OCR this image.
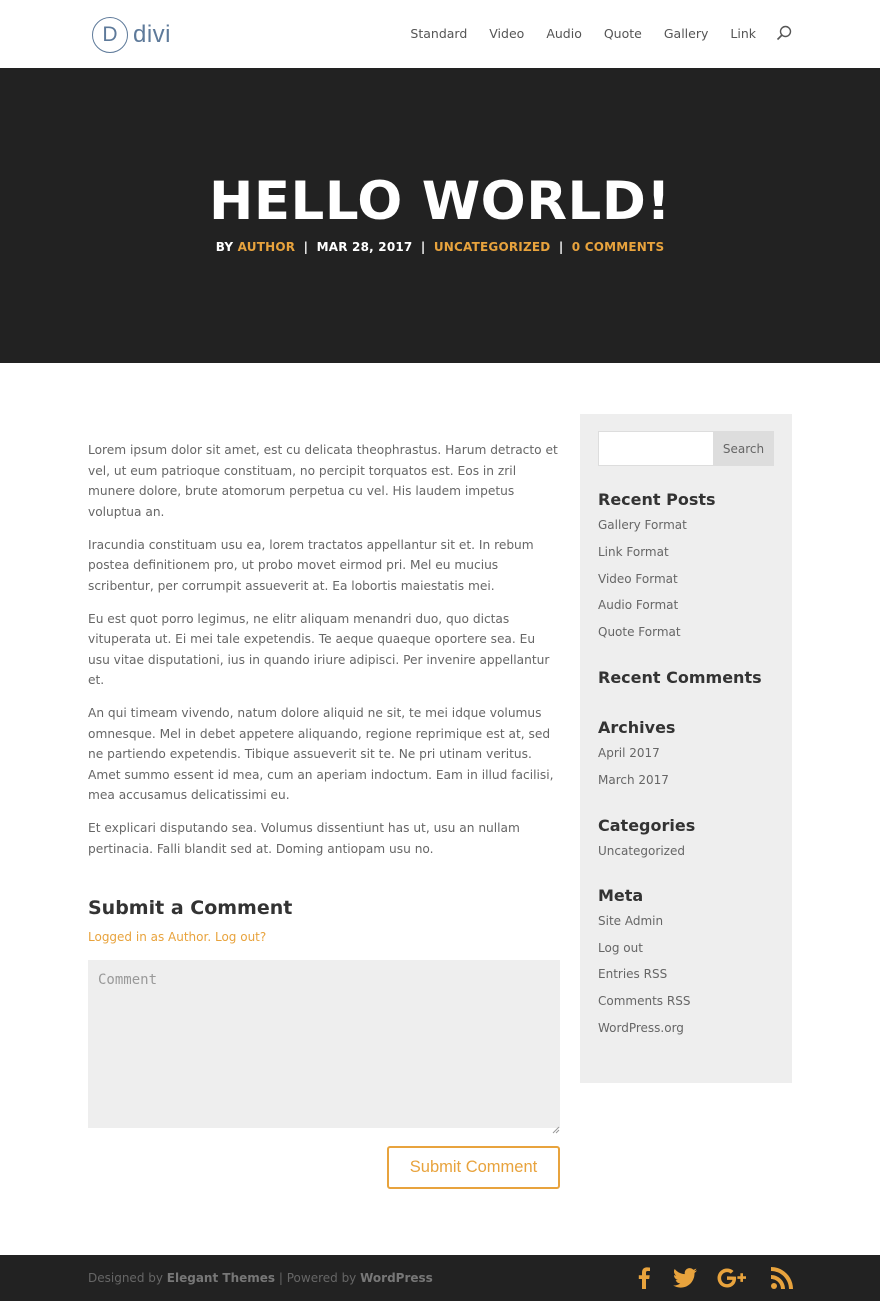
D divi	Standard Video Audio Quote Gallery Link
HELLO WORLD!
BY AUTHOR | MAR 28, 2017 | UNCATEGORIZED | 0 COMMENTS

Lorem ipsum dolor sit amet, est cu delicata theophrastus. Harum detracto et vel, ut eum patrioque constituam, no percipit torquatos est. Eos in zril munere dolore, brute atomorum perpetua cu vel. His laudem impetus voluptua an.

Iracundia constituam usu ea, lorem tractatos appellantur sit et. In rebum postea definitionem pro, ut probo movet eirmod pri. Mel eu mucius scribentur, per corrumpit assueverit at. Ea lobortis maiestatis mei.

Eu est quot porro legimus, ne elitr aliquam menandri duo, quo dictas vituperata ut. Ei mei tale expetendis. Te aeque quaeque oportere sea. Eu usu vitae disputationi, ius in quando iriure adipisci. Per invenire appellantur et.

An qui timeam vivendo, natum dolore aliquid ne sit, te mei idque volumus omnesque. Mel in debet appetere aliquando, regione reprimique est at, sed ne partiendo expetendis. Tibique assueverit sit te. Ne pri utinam veritus. Amet summo essent id mea, cum an aperiam indoctum. Eam in illud facilisi, mea accusamus delicatissimi eu.

Et explicari disputando sea. Volumus dissentiunt has ut, usu an nullam pertinacia. Falli blandit sed at. Doming antiopam usu no.

Submit a Comment
Logged in as Author. Log out?
Comment
Submit Comment
Search
Recent Posts
Gallery Format
Link Format
Video Format
Audio Format
Quote Format
Recent Comments
Archives
April 2017
March 2017
Categories
Uncategorized
Meta
Site Admin
Log out
Entries RSS
Comments RSS
WordPress.org
Designed by Elegant Themes | Powered by WordPress
